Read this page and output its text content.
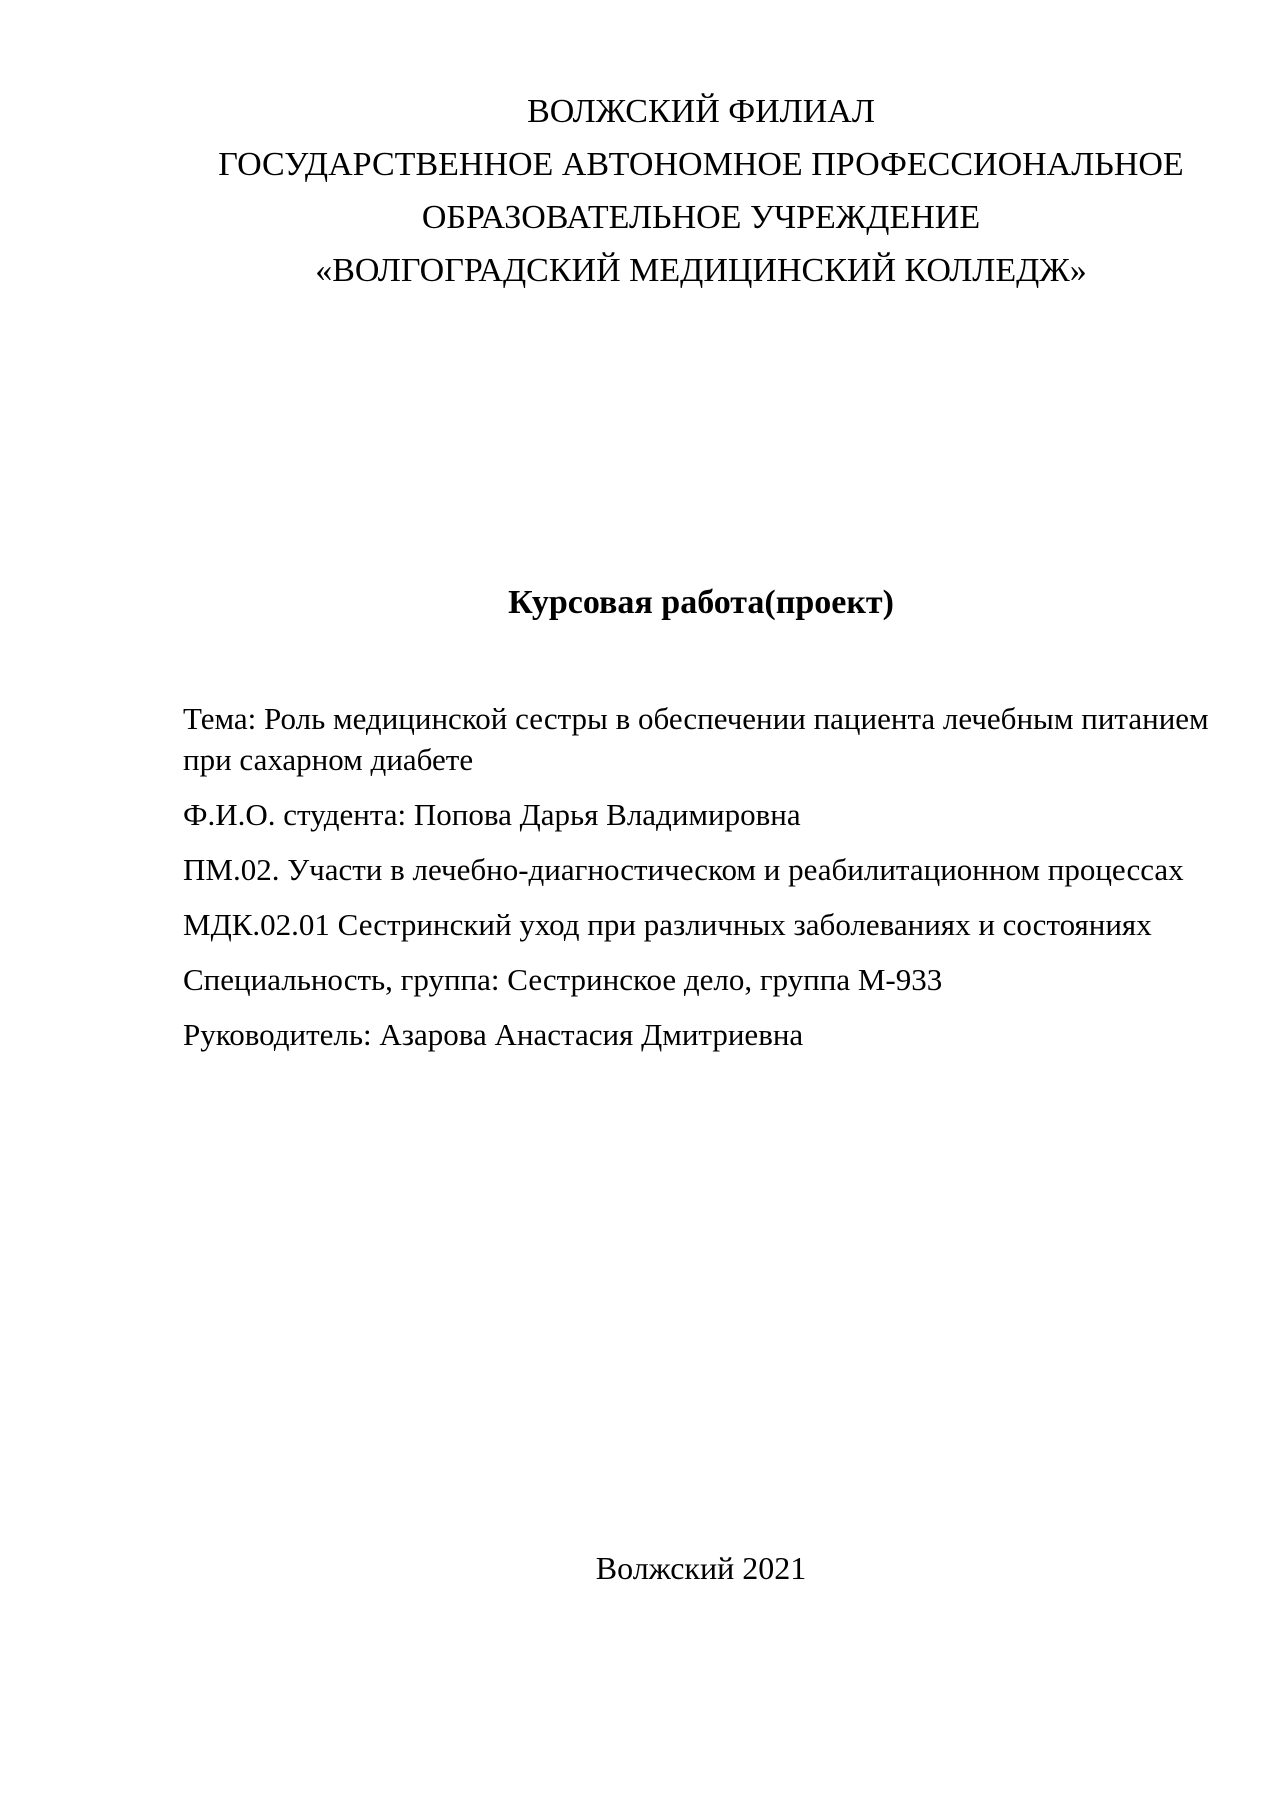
ВОЛЖСКИЙ ФИЛИАЛ
ГОСУДАРСТВЕННОЕ АВТОНОМНОЕ ПРОФЕССИОНАЛЬНОЕ
ОБРАЗОВАТЕЛЬНОЕ УЧРЕЖДЕНИЕ
«ВОЛГОГРАДСКИЙ МЕДИЦИНСКИЙ КОЛЛЕДЖ»
Курсовая работа(проект)

Тема: Роль медицинской сестры в обеспечении пациента лечебным питанием
при сахарном диабете

Ф.И.О. студента: Попова Дарья Владимировна

ПМ.02. Участи в лечебно-диагностическом и реабилитационном процессах

МДК.02.01 Сестринский уход при различных заболеваниях и состояниях

Специальность, группа: Сестринское дело, группа М-933

Руководитель: Азарова Анастасия Дмитриевна

Волжский 2021
